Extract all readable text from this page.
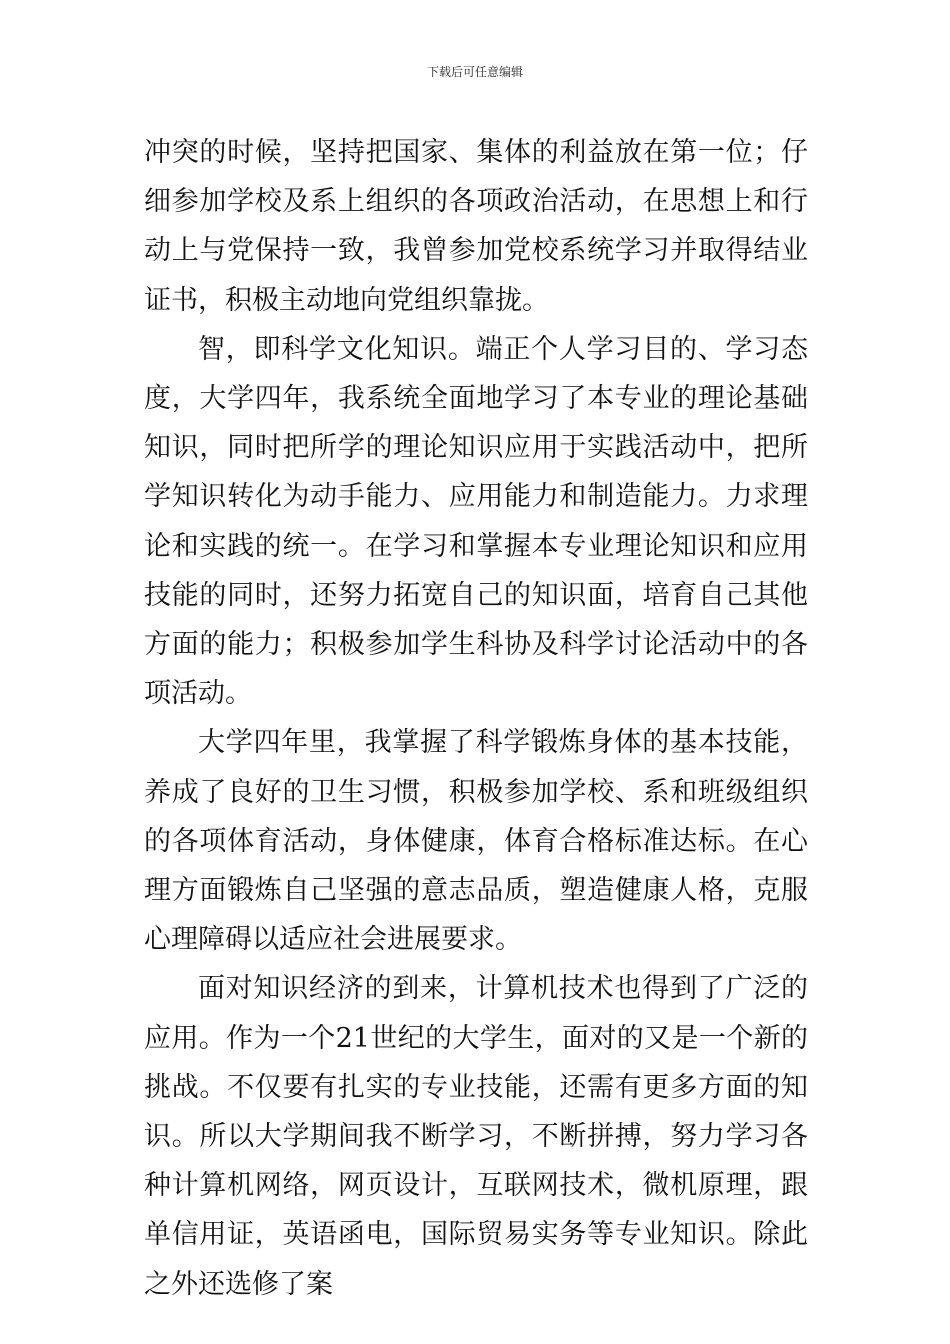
下载后可任意编辑

冲突的时候，坚持把国家、集体的利益放在第一位；仔细参加学校及系上组织的各项政治活动，在思想上和行动上与党保持一致，我曾参加党校系统学习并取得结业证书，积极主动地向党组织靠拢。

智，即科学文化知识。端正个人学习目的、学习态度，大学四年，我系统全面地学习了本专业的理论基础知识，同时把所学的理论知识应用于实践活动中，把所学知识转化为动手能力、应用能力和制造能力。力求理论和实践的统一。在学习和掌握本专业理论知识和应用技能的同时，还努力拓宽自己的知识面，培育自己其他方面的能力；积极参加学生科协及科学讨论活动中的各项活动。

大学四年里，我掌握了科学锻炼身体的基本技能，养成了良好的卫生习惯，积极参加学校、系和班级组织的各项体育活动，身体健康，体育合格标准达标。在心理方面锻炼自己坚强的意志品质，塑造健康人格，克服心理障碍以适应社会进展要求。

面对知识经济的到来，计算机技术也得到了广泛的应用。作为一个21世纪的大学生，面对的又是一个新的挑战。不仅要有扎实的专业技能，还需有更多方面的知识。所以大学期间我不断学习，不断拼搏，努力学习各种计算机网络，网页设计，互联网技术，微机原理，跟单信用证，英语函电，国际贸易实务等专业知识。除此之外还选修了案
